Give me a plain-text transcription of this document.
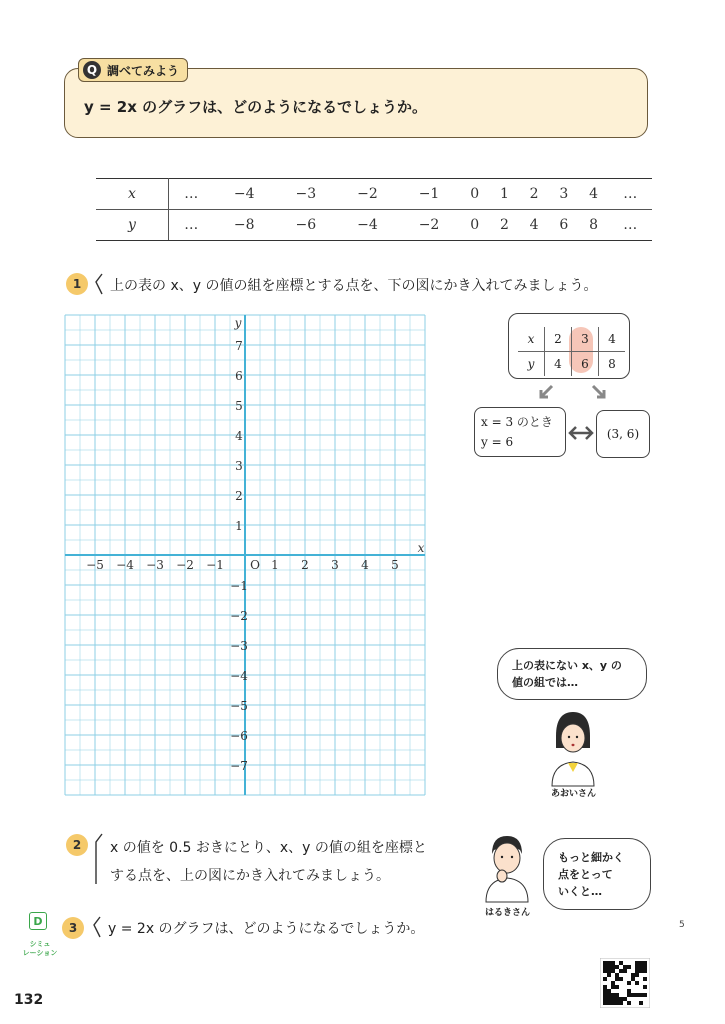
Q 調べてみよう
y = 2x のグラフは、どのようになるでしょうか。
x	…	−4	−3	−2	−1	0	1	2	3	4	…
y	…	−8	−6	−4	−2	0	2	4	6	8	…
1	上の表の x、y の値の組を座標とする点を、下の図にかき入れてみましょう。
−5 −4 −3 −2 −1	1 2 3 4 5
7
6
5
4
3
2
1
−1
−2
−3
−4
−5
−6
−7
O
x
y
x	2	3	4
y	4	6	8
x = 3 のとき
y = 6
(3, 6)
上の表にない x、y の
値の組では…
あおいさん
2	x の値を 0.5 おきにとり、x、y の値の組を座標と
する点を、上の図にかき入れてみましょう。
はるきさん
もっと細かく
点をとって
いくと…
D
シミュ
レーション
3	y = 2x のグラフは、どのようになるでしょうか。	5
132
